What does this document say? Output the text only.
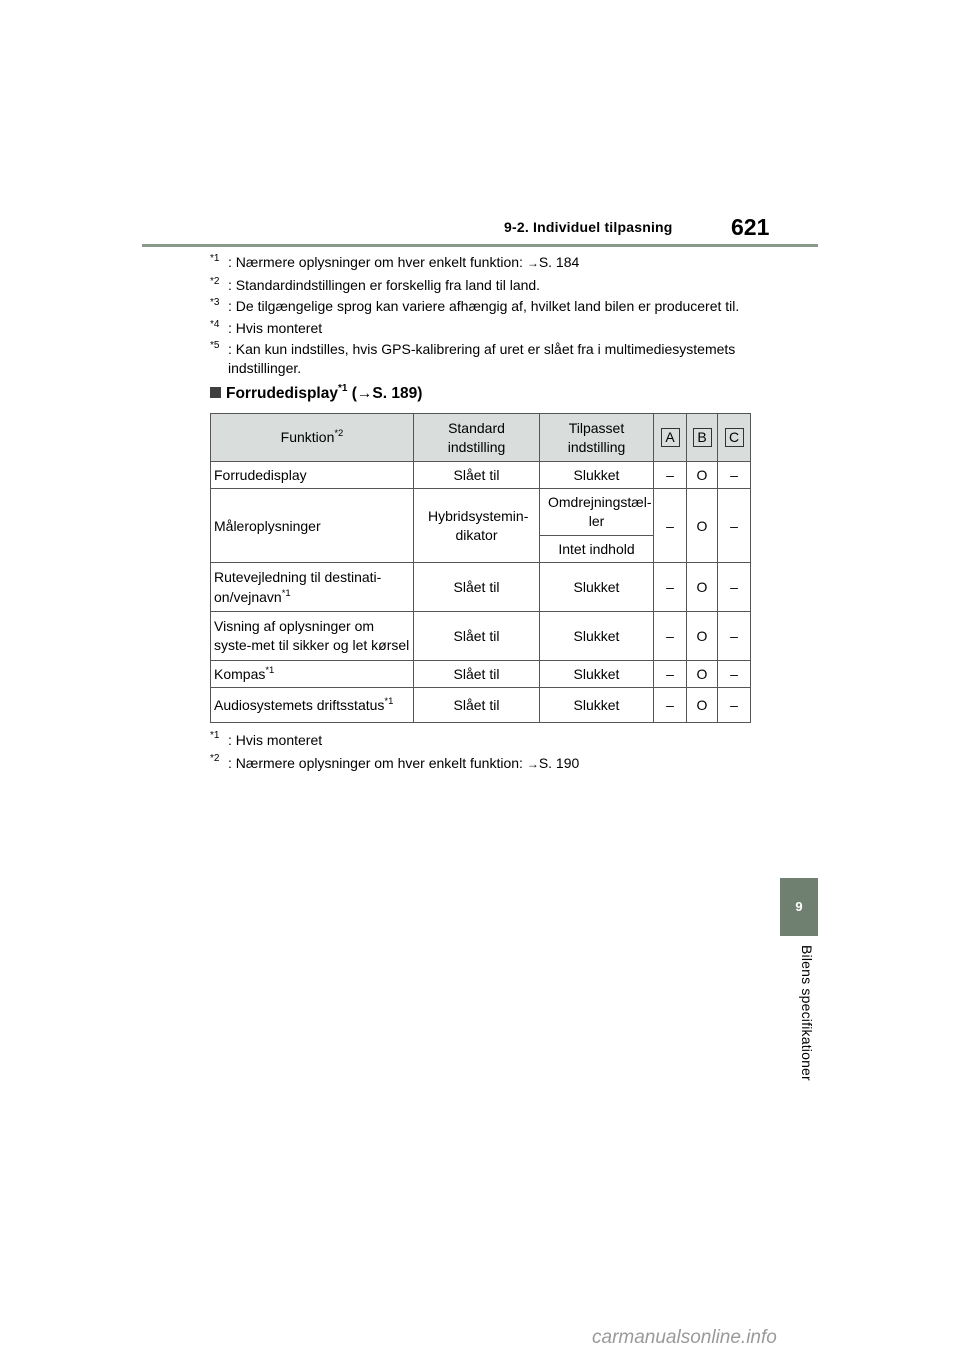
9-2. Individuel tilpasning	621
*1 : Nærmere oplysninger om hver enkelt funktion: →S. 184
*2 : Standardindstillingen er forskellig fra land til land.
*3 : De tilgængelige sprog kan variere afhængig af, hvilket land bilen er produceret til.
*4 : Hvis monteret
*5 : Kan kun indstilles, hvis GPS-kalibrering af uret er slået fra i multimediesystemets indstillinger.
Forrudedisplay$^{*1}$ (→S. 189)
Funktion$^{*2}$	Standard indstilling	Tilpasset indstilling	A	B	C
Forrudedisplay	Slået til	Slukket	–	O	–
Måleroplysninger	Hybridsystemin-dikator	Omdrejningstæl-ler	–	O	–
		Intet indhold			
Rutevejledning til destinati-on/vejnavn$^{*1}$	Slået til	Slukket	–	O	–
Visning af oplysninger om syste-met til sikker og let kørsel	Slået til	Slukket	–	O	–
Kompas$^{*1}$	Slået til	Slukket	–	O	–
Audiosystemets driftsstatus$^{*1}$	Slået til	Slukket	–	O	–
*1 : Hvis monteret
*2 : Nærmere oplysninger om hver enkelt funktion: →S. 190
9
Bilens specifikationer
carmanualsonline.info
